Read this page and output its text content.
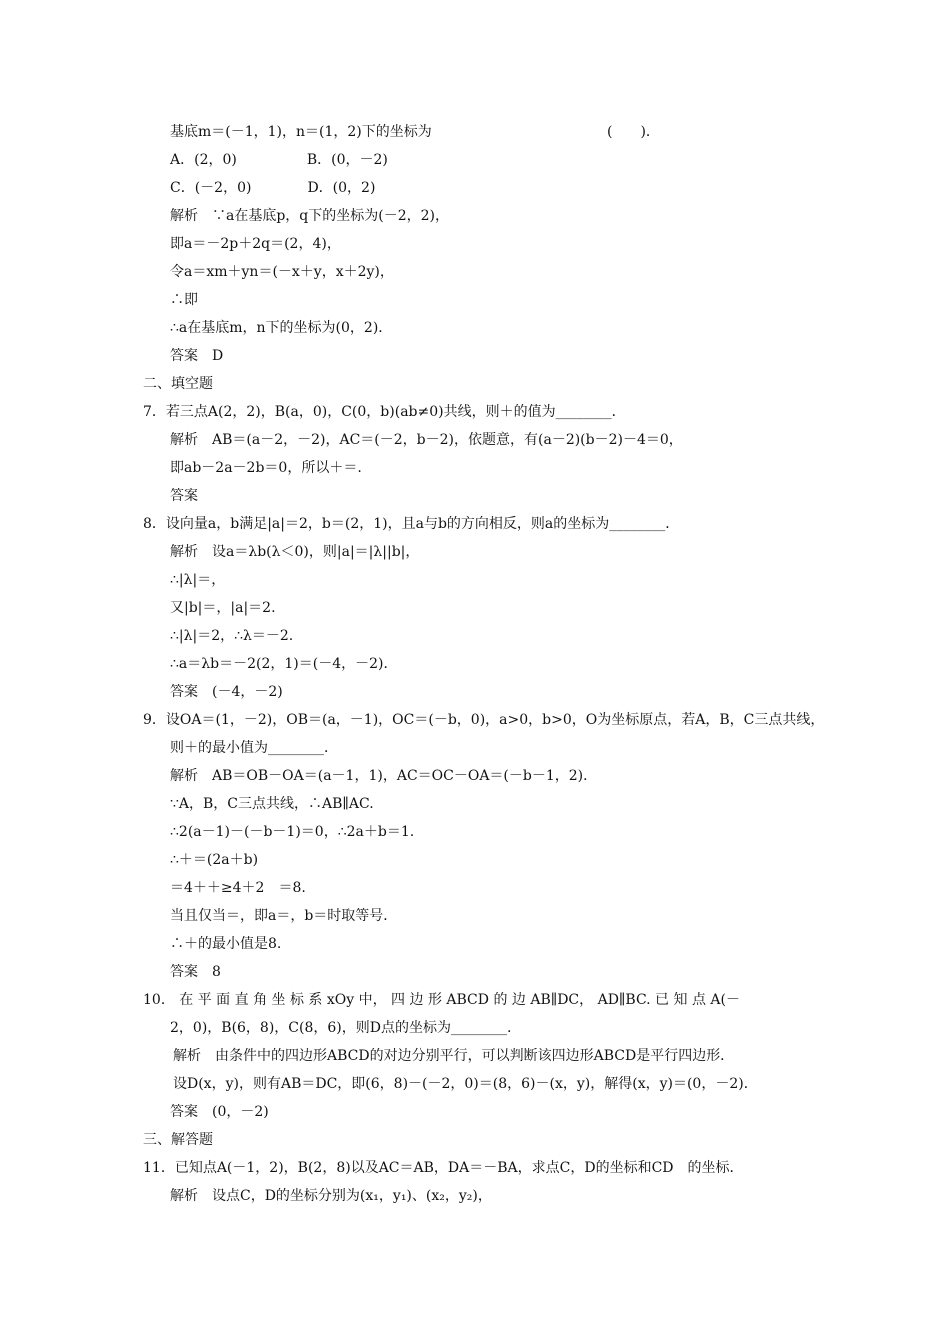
基底m＝(－1，1)，n＝(1，2)下的坐标为	(　　)．
A．(2，0)　　　　　B．(0，－2)
C．(－2，0)　　　　D．(0，2)
解析　∵a在基底p，q下的坐标为(－2，2)，
即a＝－2p＋2q＝(2，4)，
令a＝xm＋yn＝(－x＋y，x＋2y)，
∴即
∴a在基底m，n下的坐标为(0，2)．
答案　D
二、填空题
7．若三点A(2，2)，B(a，0)，C(0，b)(ab≠0)共线，则＋的值为________．
解析　AB＝(a－2，－2)，AC＝(－2，b－2)，依题意，有(a－2)(b－2)－4＝0，
即ab－2a－2b＝0，所以＋＝.
答案
8．设向量a，b满足|a|＝2，b＝(2，1)，且a与b的方向相反，则a的坐标为________．
解析　设a＝λb(λ＜0)，则|a|＝|λ||b|，
∴|λ|＝，
又|b|＝，|a|＝2.
∴|λ|＝2，∴λ＝－2.
∴a＝λb＝－2(2，1)＝(－4，－2)．
答案　(－4，－2)
9．设OA＝(1，－2)，OB＝(a，－1)，OC＝(－b，0)，a>0，b>0，O为坐标原点，若A，B，C三点共线，
则＋的最小值为________．
解析　AB＝OB－OA＝(a－1，1)，AC＝OC－OA＝(－b－1，2)．
∵A，B，C三点共线，∴AB∥AC.
∴2(a－1)－(－b－1)＝0，∴2a＋b＝1.
∴＋＝(2a＋b)
＝4＋＋≥4＋2　＝8.
当且仅当＝，即a＝，b＝时取等号．
∴＋的最小值是8.
答案　8
10． 在 平 面 直 角 坐 标 系 xOy 中， 四 边 形 ABCD 的 边 AB∥DC， AD∥BC. 已 知 点 A(－
2，0)，B(6，8)，C(8，6)，则D点的坐标为________.
解析　由条件中的四边形ABCD的对边分别平行，可以判断该四边形ABCD是平行四边形．
设D(x，y)，则有AB＝DC，即(6，8)－(－2，0)＝(8，6)－(x，y)，解得(x，y)＝(0，－2)．
答案　(0，－2)
三、解答题
11．已知点A(－1，2)，B(2，8)以及AC＝AB，DA＝－BA，求点C，D的坐标和CD　的坐标．
解析　设点C，D的坐标分别为(x₁，y₁)、(x₂，y₂)，
